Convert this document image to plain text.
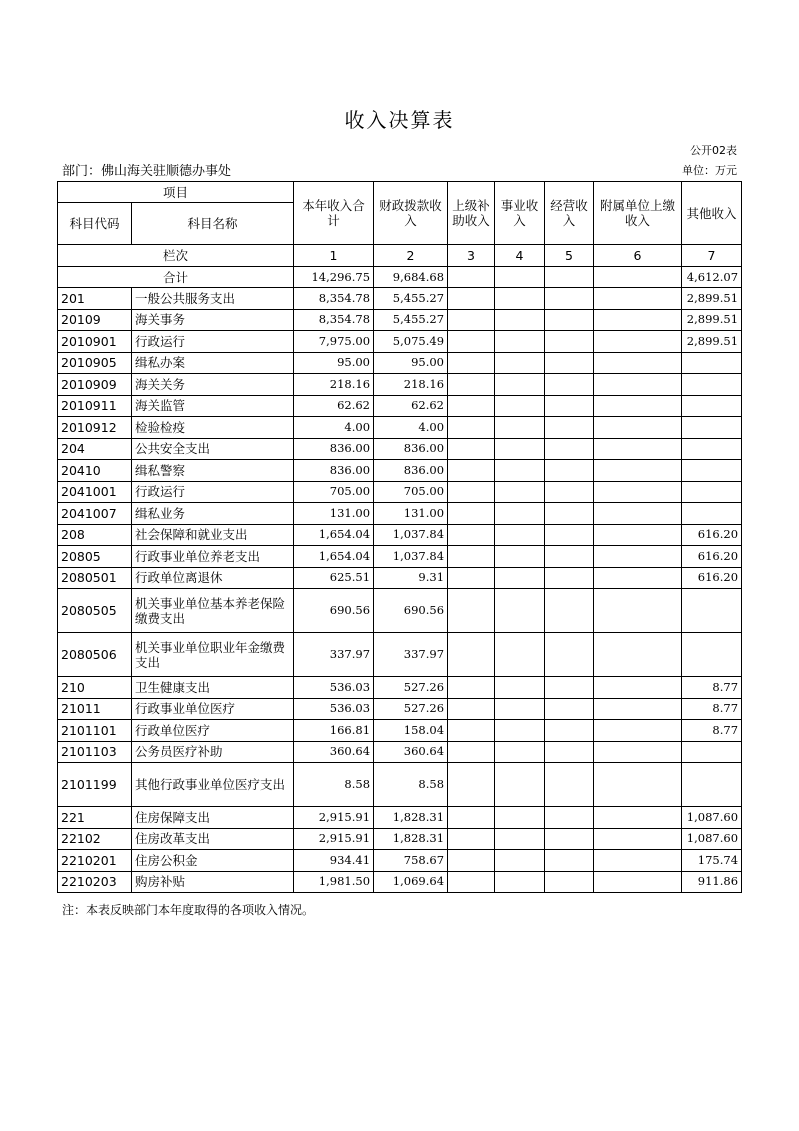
收入决算表
公开02表
部门：佛山海关驻顺德办事处	单位：万元
项目		本年收入合计	财政拨款收入	上级补助收入	事业收入	经营收入	附属单位上缴收入	其他收入
科目代码	科目名称							
栏次		1	2	3	4	5	6	7
合计		14,296.75	9,684.68					4,612.07
201	一般公共服务支出	8,354.78	5,455.27					2,899.51
20109	海关事务	8,354.78	5,455.27					2,899.51
2010901	行政运行	7,975.00	5,075.49					2,899.51
2010905	缉私办案	95.00	95.00					
2010909	海关关务	218.16	218.16					
2010911	海关监管	62.62	62.62					
2010912	检验检疫	4.00	4.00					
204	公共安全支出	836.00	836.00					
20410	缉私警察	836.00	836.00					
2041001	行政运行	705.00	705.00					
2041007	缉私业务	131.00	131.00					
208	社会保障和就业支出	1,654.04	1,037.84					616.20
20805	行政事业单位养老支出	1,654.04	1,037.84					616.20
2080501	行政单位离退休	625.51	9.31					616.20
2080505	机关事业单位基本养老保险缴费支出	690.56	690.56					
2080506	机关事业单位职业年金缴费支出	337.97	337.97					
210	卫生健康支出	536.03	527.26					8.77
21011	行政事业单位医疗	536.03	527.26					8.77
2101101	行政单位医疗	166.81	158.04					8.77
2101103	公务员医疗补助	360.64	360.64					
2101199	其他行政事业单位医疗支出	8.58	8.58					
221	住房保障支出	2,915.91	1,828.31					1,087.60
22102	住房改革支出	2,915.91	1,828.31					1,087.60
2210201	住房公积金	934.41	758.67					175.74
2210203	购房补贴	1,981.50	1,069.64					911.86
注：本表反映部门本年度取得的各项收入情况。
